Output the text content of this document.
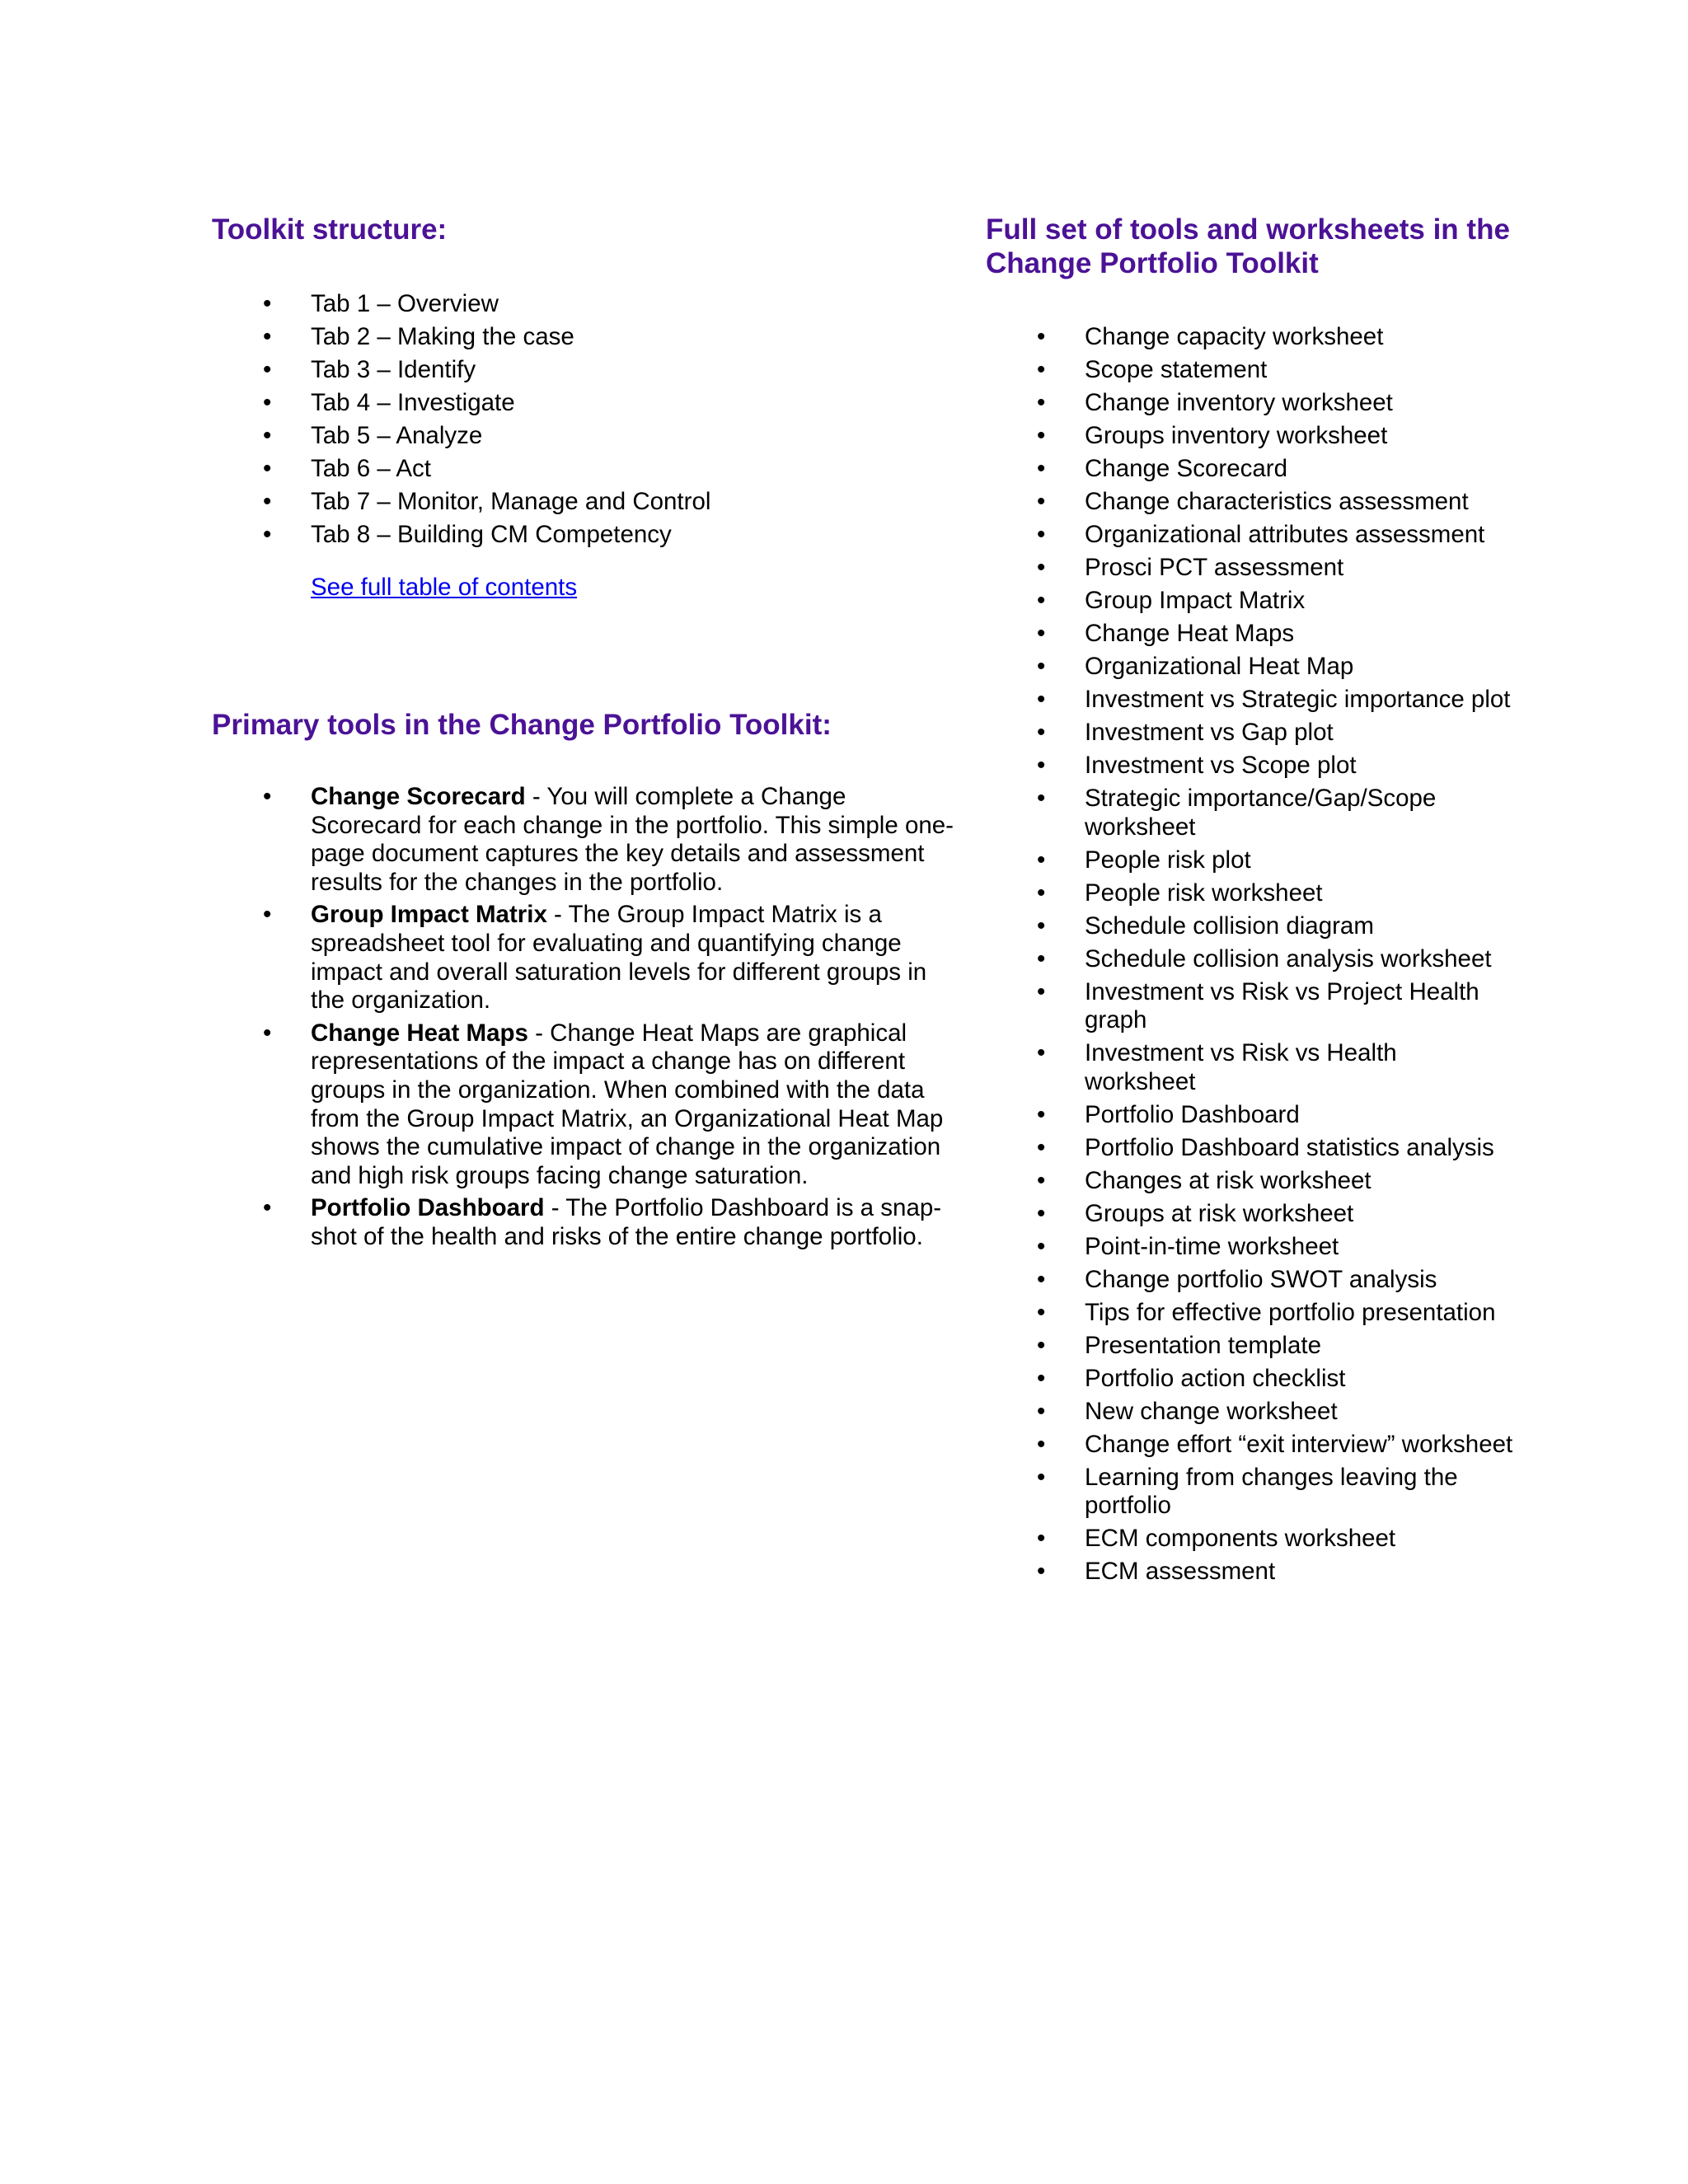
Toolkit structure:
• Tab 1 – Overview
• Tab 2 – Making the case
• Tab 3 – Identify
• Tab 4 – Investigate
• Tab 5 – Analyze
• Tab 6 – Act
• Tab 7 – Monitor, Manage and Control
• Tab 8 – Building CM Competency
See full table of contents
Primary tools in the Change Portfolio Toolkit:
• Change Scorecard - You will complete a Change Scorecard for each change in the portfolio. This simple one-page document captures the key details and assessment results for the changes in the portfolio.
• Group Impact Matrix - The Group Impact Matrix is a spreadsheet tool for evaluating and quantifying change impact and overall saturation levels for different groups in the organization.
• Change Heat Maps - Change Heat Maps are graphical representations of the impact a change has on different groups in the organization. When combined with the data from the Group Impact Matrix, an Organizational Heat Map shows the cumulative impact of change in the organization and high risk groups facing change saturation.
• Portfolio Dashboard - The Portfolio Dashboard is a snap-shot of the health and risks of the entire change portfolio.
Full set of tools and worksheets in the Change Portfolio Toolkit
• Change capacity worksheet
• Scope statement
• Change inventory worksheet
• Groups inventory worksheet
• Change Scorecard
• Change characteristics assessment
• Organizational attributes assessment
• Prosci PCT assessment
• Group Impact Matrix
• Change Heat Maps
• Organizational Heat Map
• Investment vs Strategic importance plot
• Investment vs Gap plot
• Investment vs Scope plot
• Strategic importance/Gap/Scope worksheet
• People risk plot
• People risk worksheet
• Schedule collision diagram
• Schedule collision analysis worksheet
• Investment vs Risk vs Project Health graph
• Investment vs Risk vs Health worksheet
• Portfolio Dashboard
• Portfolio Dashboard statistics analysis
• Changes at risk worksheet
• Groups at risk worksheet
• Point-in-time worksheet
• Change portfolio SWOT analysis
• Tips for effective portfolio presentation
• Presentation template
• Portfolio action checklist
• New change worksheet
• Change effort “exit interview” worksheet
• Learning from changes leaving the portfolio
• ECM components worksheet
• ECM assessment
